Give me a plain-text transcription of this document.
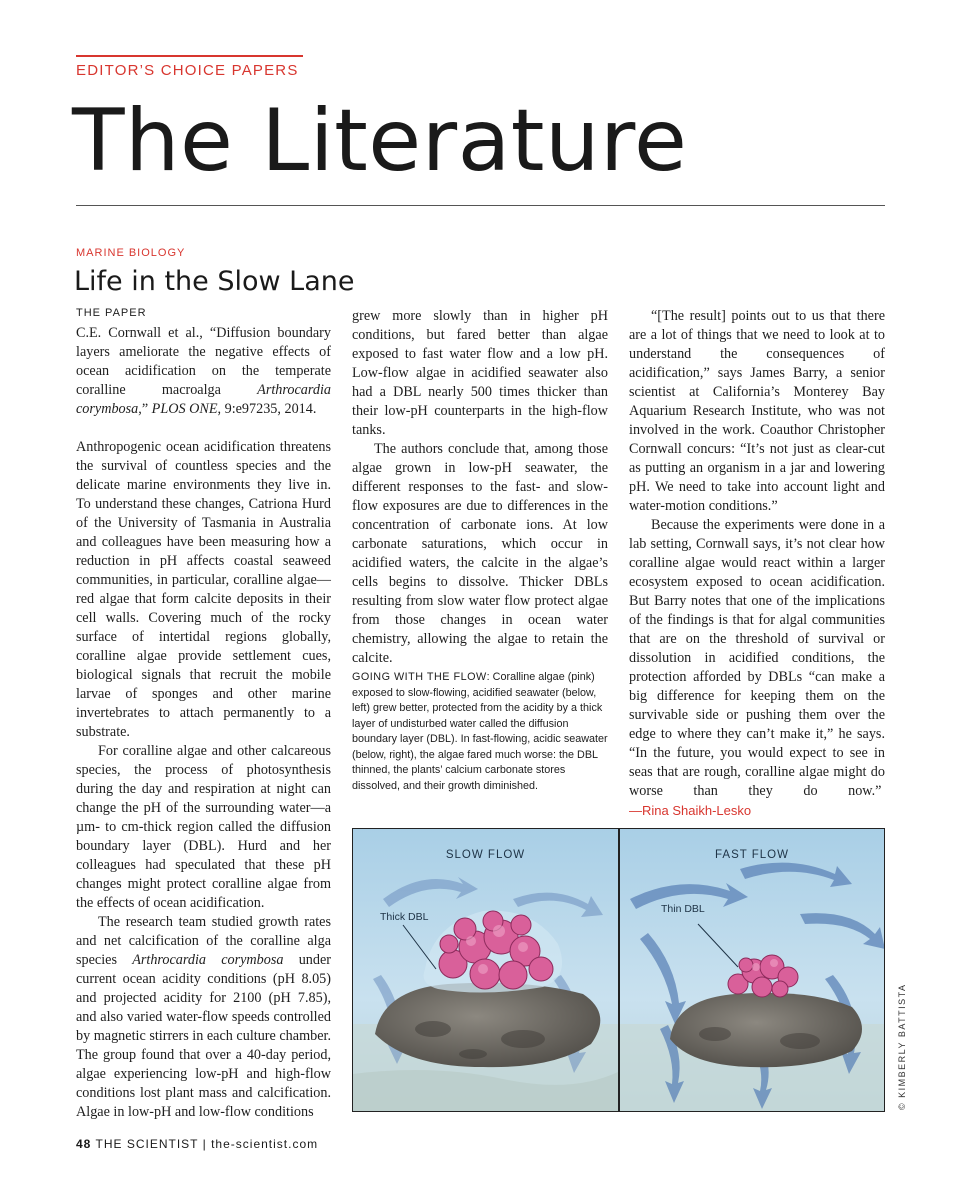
EDITOR’S CHOICE PAPERS
The Literature
MARINE BIOLOGY
Life in the Slow Lane
THE PAPER

C.E. Cornwall et al., “Diffusion boundary layers ameliorate the negative effects of ocean acidification on the temperate coralline macroalga Arthrocardia corymbosa,” PLOS ONE, 9:e97235, 2014.

Anthropogenic ocean acidification threatens the survival of countless species and the delicate marine environments they live in. To understand these changes, Catriona Hurd of the University of Tasmania in Australia and colleagues have been measuring how a reduction in pH affects coastal seaweed communities, in particular, coralline algae—red algae that form calcite deposits in their cell walls. Covering much of the rocky surface of intertidal regions globally, coralline algae provide settlement cues, biological signals that recruit the mobile larvae of sponges and other marine invertebrates to attach permanently to a substrate.

For coralline algae and other calcareous species, the process of photosynthesis during the day and respiration at night can change the pH of the surrounding water—a µm- to cm-thick region called the diffusion boundary layer (DBL). Hurd and her colleagues had speculated that these pH changes might protect coralline algae from the effects of ocean acidification.

The research team studied growth rates and net calcification of the coralline alga species Arthrocardia corymbosa under current ocean acidity conditions (pH 8.05) and projected acidity for 2100 (pH 7.85), and also varied water-flow speeds controlled by magnetic stirrers in each culture chamber. The group found that over a 40-day period, algae experiencing low-pH and high-flow conditions lost plant mass and calcification. Algae in low-pH and low-flow conditions

grew more slowly than in higher pH conditions, but fared better than algae exposed to fast water flow and a low pH. Low-flow algae in acidified seawater also had a DBL nearly 500 times thicker than their low-pH counterparts in the high-flow tanks.

The authors conclude that, among those algae grown in low-pH seawater, the different responses to the fast- and slow-flow exposures are due to differences in the concentration of carbonate ions. At low carbonate saturations, which occur in acidified waters, the calcite in the algae’s cells begins to dissolve. Thicker DBLs resulting from slow water flow protect algae from those changes in ocean water chemistry, allowing the algae to retain the calcite.

GOING WITH THE FLOW: Coralline algae (pink) exposed to slow-flowing, acidified seawater (below, left) grew better, protected from the acidity by a thick layer of undisturbed water called the diffusion boundary layer (DBL). In fast-flowing, acidic seawater (below, right), the algae fared much worse: the DBL thinned, the plants’ calcium carbonate stores dissolved, and their growth diminished.

“[The result] points out to us that there are a lot of things that we need to look at to understand the consequences of acidification,” says James Barry, a senior scientist at California’s Monterey Bay Aquarium Research Institute, who was not involved in the work. Coauthor Christopher Cornwall concurs: “It’s not just as clear-cut as putting an organism in a jar and lowering pH. We need to take into account light and water-motion conditions.”

Because the experiments were done in a lab setting, Cornwall says, it’s not clear how coralline algae would react within a larger ecosystem exposed to ocean acidification. But Barry notes that one of the implications of the findings is that for algal communities that are on the threshold of survival or dissolution in acidified conditions, the protection afforded by DBLs “can make a big difference for keeping them on the survivable side or pushing them over the edge to where they can’t make it,” he says. “In the future, you would expect to see in seas that are rough, coralline algae might do worse than they do now.”  —Rina Shaikh-Lesko

SLOW FLOW
Thick DBL
FAST FLOW
Thin DBL
© KIMBERLY BATTISTA
48 THE SCIENTIST | the-scientist.com
